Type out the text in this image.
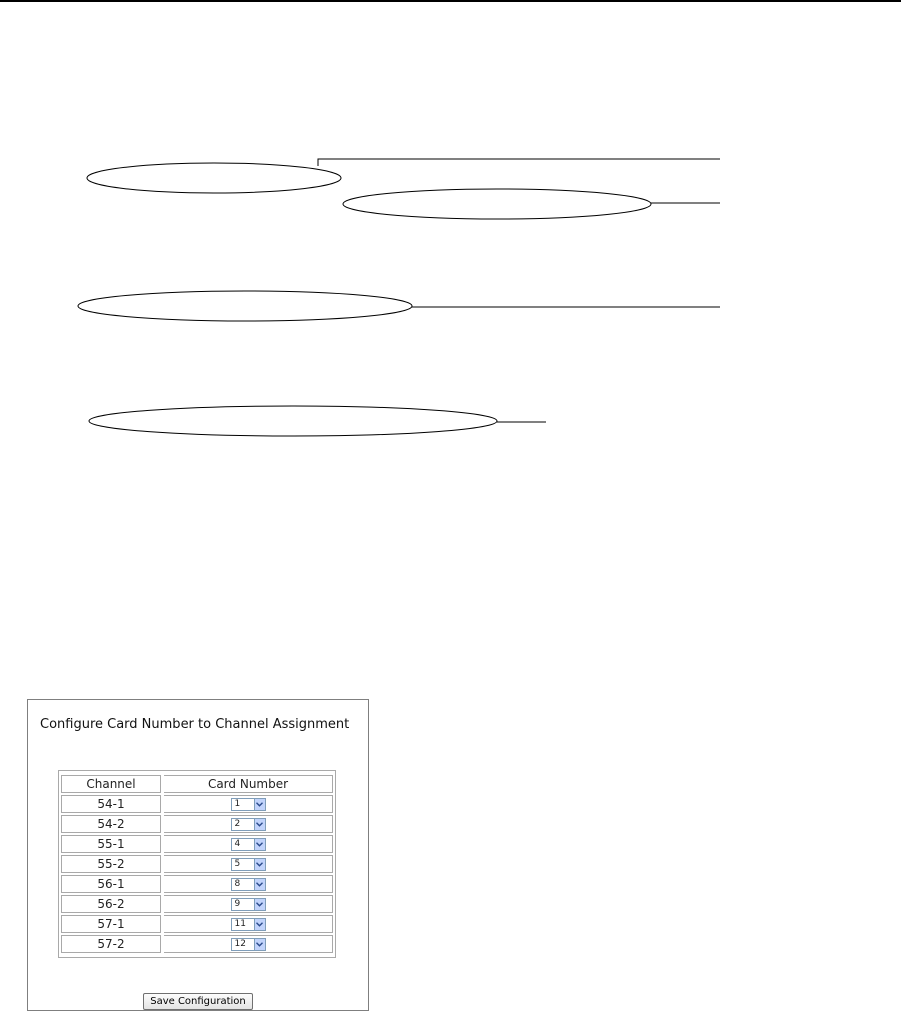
Configure Card Number to Channel Assignment
Channel		Card Number
54-1		1

54-2		2

55-1		4

55-2		5

56-1		8

56-2		9

57-1		11

57-2		12
Save Configuration
